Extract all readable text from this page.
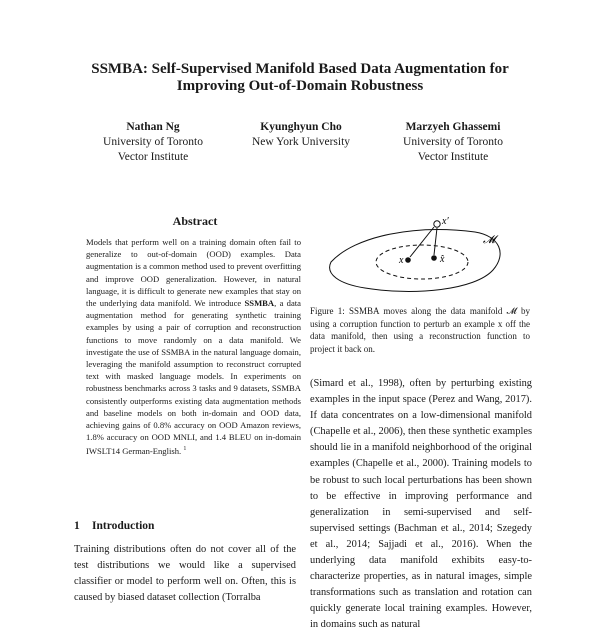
SSMBA: Self-Supervised Manifold Based Data Augmentation for Improving Out-of-Domain Robustness
Nathan Ng
University of Toronto
Vector Institute
Kyunghyun Cho
New York University
Marzyeh Ghassemi
University of Toronto
Vector Institute
Abstract
Models that perform well on a training domain often fail to generalize to out-of-domain (OOD) examples. Data augmentation is a common method used to prevent overfitting and improve OOD generalization. However, in natural language, it is difficult to generate new examples that stay on the underlying data manifold. We introduce SSMBA, a data augmentation method for generating synthetic training examples by using a pair of corruption and reconstruction functions to move randomly on a data manifold. We investigate the use of SSMBA in the natural language domain, leveraging the manifold assumption to reconstruct corrupted text with masked language models. In experiments on robustness benchmarks across 3 tasks and 9 datasets, SSMBA consistently outperforms existing data augmentation methods and baseline models on both in-domain and OOD data, achieving gains of 0.8% accuracy on OOD Amazon reviews, 1.8% accuracy on OOD MNLI, and 1.4 BLEU on in-domain IWSLT14 German-English. $^1$
1 Introduction
Training distributions often do not cover all of the test distributions we would like a supervised classifier or model to perform well on. Often, this is caused by biased dataset collection (Torralba
x	x̂
x′
𝓜
Figure 1: SSMBA moves along the data manifold 𝓜 by using a corruption function to perturb an example x off the data manifold, then using a reconstruction function to project it back on.
(Simard et al., 1998), often by perturbing existing examples in the input space (Perez and Wang, 2017). If data concentrates on a low-dimensional manifold (Chapelle et al., 2006), then these synthetic examples should lie in a manifold neighborhood of the original examples (Chapelle et al., 2000). Training models to be robust to such local perturbations has been shown to be effective in improving performance and generalization in semi-supervised and self-supervised settings (Bachman et al., 2014; Szegedy et al., 2014; Sajjadi et al., 2016). When the underlying data manifold exhibits easy-to-characterize properties, as in natural images, simple transformations such as translation and rotation can quickly generate local training examples. However, in domains such as natural
